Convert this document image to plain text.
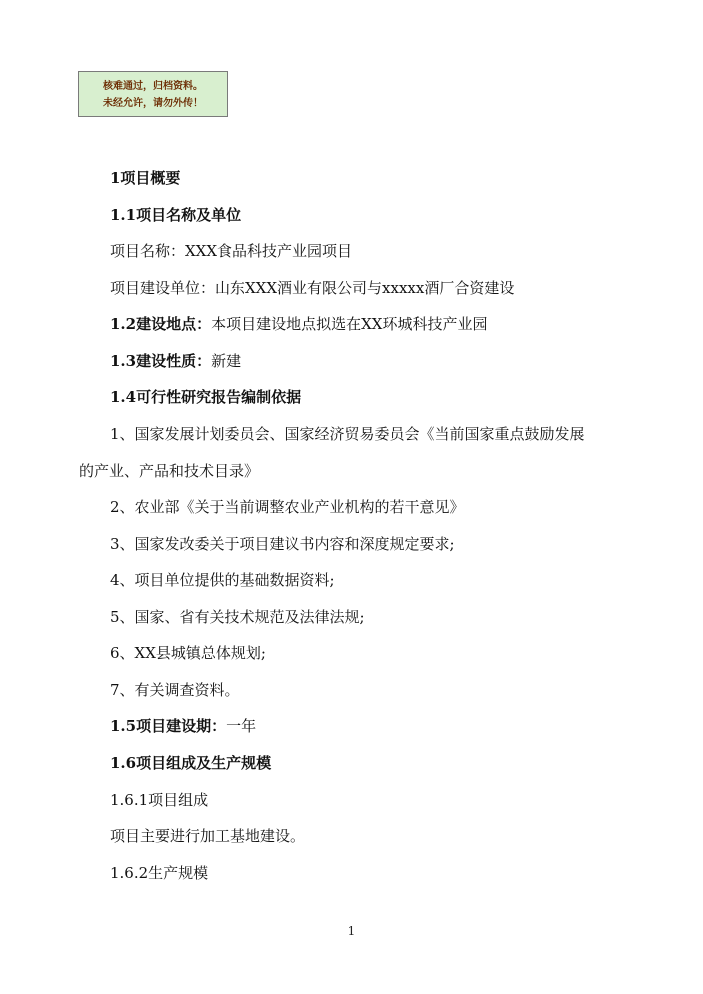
核难通过，归档资料。
未经允许，请勿外传！
1项目概要
1.1项目名称及单位
项目名称：XXX食品科技产业园项目
项目建设单位：山东XXX酒业有限公司与xxxxx酒厂合资建设
1.2建设地点：本项目建设地点拟选在XX环城科技产业园
1.3建设性质：新建
1.4可行性研究报告编制依据
1、国家发展计划委员会、国家经济贸易委员会《当前国家重点鼓励发展
的产业、产品和技术目录》
2、农业部《关于当前调整农业产业机构的若干意见》
3、国家发改委关于项目建议书内容和深度规定要求;
4、项目单位提供的基础数据资料;
5、国家、省有关技术规范及法律法规;
6、XX县城镇总体规划;
7、有关调查资料。
1.5项目建设期：一年
1.6项目组成及生产规模
1.6.1项目组成
项目主要进行加工基地建设。
1.6.2生产规模
1
